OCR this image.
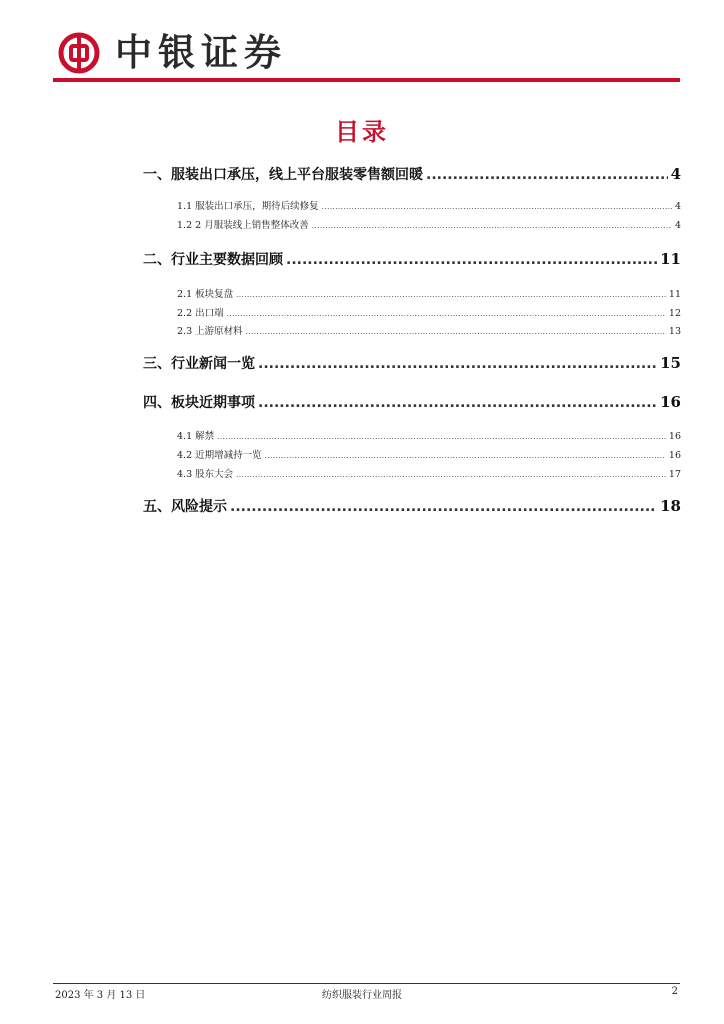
中银证券
目录
一、服装出口承压，线上平台服装零售额回暖 .....	4
1.1 服装出口承压，期待后续修复 .....	4
1.2 2 月服装线上销售整体改善 .....	4
二、行业主要数据回顾 .....	11
2.1 板块复盘 .....	11
2.2 出口端 .....	12
2.3 上游原材料 .....	13
三、行业新闻一览 .....	15
四、板块近期事项 .....	16
4.1 解禁 .....	16
4.2 近期增减持一览 .....	16
4.3 股东大会 .....	17
五、风险提示 .....	18
2023 年 3 月 13 日	纺织服装行业周报	2
